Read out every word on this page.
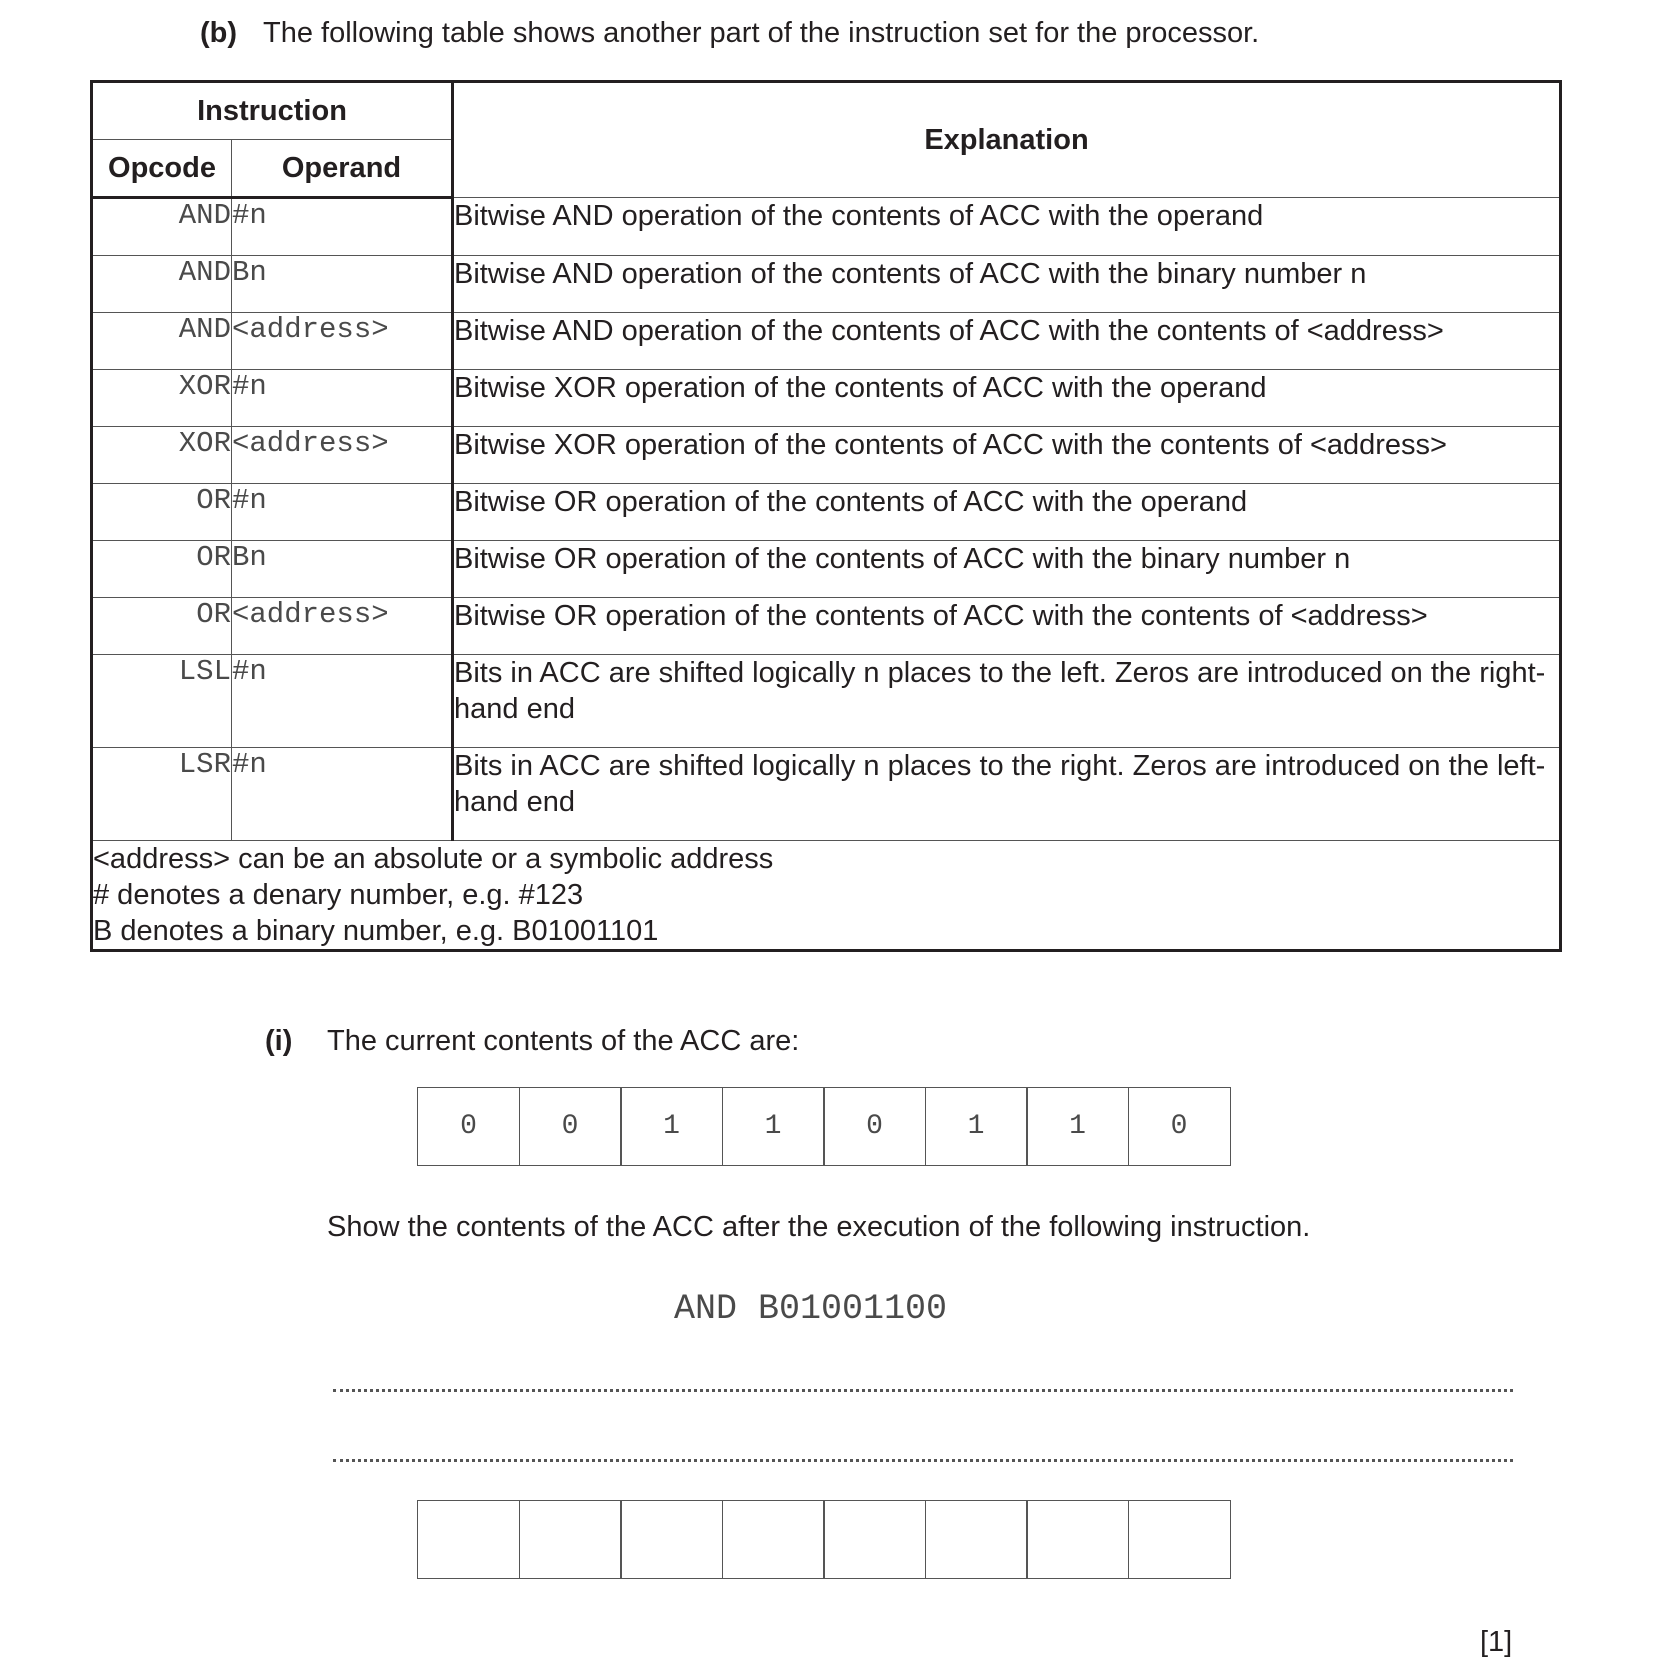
(b) The following table shows another part of the instruction set for the processor.
Instruction		Explanation
Opcode	Operand	
AND	#n	Bitwise AND operation of the contents of ACC with the operand
AND	Bn	Bitwise AND operation of the contents of ACC with the binary number n
AND	<address>	Bitwise AND operation of the contents of ACC with the contents of <address>
XOR	#n	Bitwise XOR operation of the contents of ACC with the operand
XOR	<address>	Bitwise XOR operation of the contents of ACC with the contents of <address>
OR	#n	Bitwise OR operation of the contents of ACC with the operand
OR	Bn	Bitwise OR operation of the contents of ACC with the binary number n
OR	<address>	Bitwise OR operation of the contents of ACC with the contents of <address>
LSL	#n	Bits in ACC are shifted logically n places to the left. Zeros are introduced on the right-hand end
LSR	#n	Bits in ACC are shifted logically n places to the right. Zeros are introduced on the left-hand end

<address> can be an absolute or a symbolic address
# denotes a denary number, e.g. #123
B denotes a binary number, e.g. B01001101		
(i) The current contents of the ACC are:
0	0	1	1	0	1	1	0
Show the contents of the ACC after the execution of the following instruction.
AND B01001100
[1]
